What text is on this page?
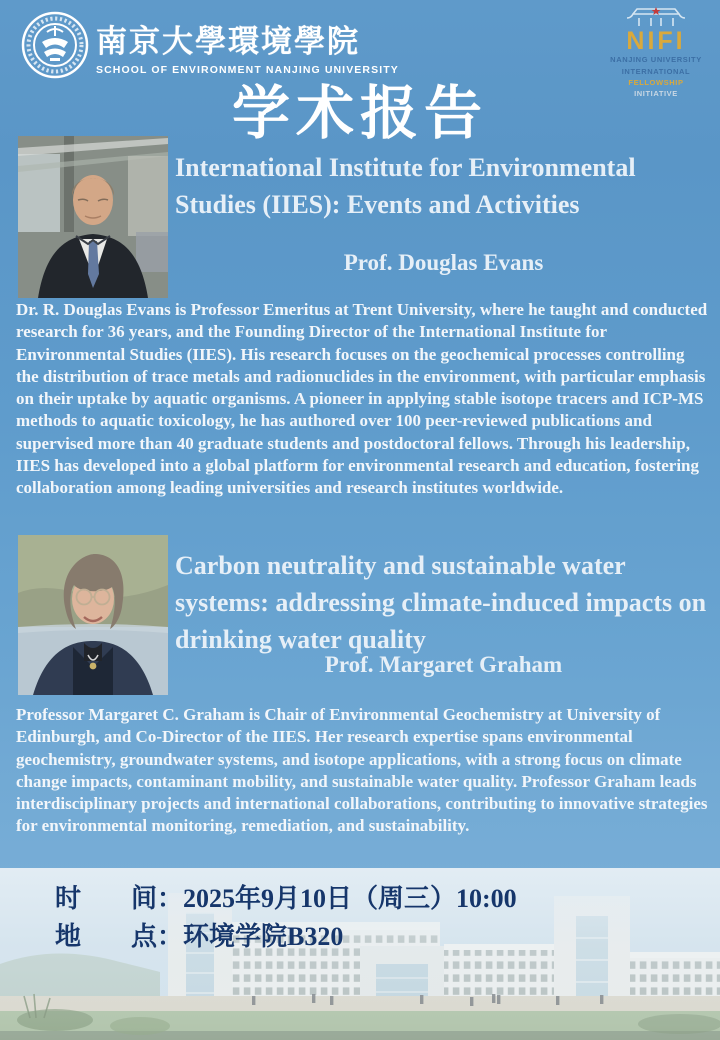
南京大學環境學院
SCHOOL OF ENVIRONMENT NANJING UNIVERSITY
NIFI
NANJING UNIVERSITY
INTERNATIONAL
FELLOWSHIP
INITIATIVE
学术报告
International Institute for Environmental Studies (IIES): Events and Activities
Prof. Douglas Evans
Dr. R. Douglas Evans is Professor Emeritus at Trent University, where he taught and conducted research for 36 years, and the Founding Director of the International Institute for Environmental Studies (IIES). His research focuses on the geochemical processes controlling the distribution of trace metals and radionuclides in the environment, with particular emphasis on their uptake by aquatic organisms. A pioneer in applying stable isotope tracers and ICP-MS methods to aquatic toxicology, he has authored over 100 peer-reviewed publications and supervised more than 40 graduate students and postdoctoral fellows. Through his leadership, IIES has developed into a global platform for environmental research and education, fostering collaboration among leading universities and research institutes worldwide.
Carbon neutrality and sustainable water systems: addressing climate-induced impacts on drinking water quality
Prof. Margaret Graham
Professor Margaret C. Graham is Chair of Environmental Geochemistry at University of Edinburgh, and Co-Director of the IIES. Her research expertise spans environmental geochemistry, groundwater systems, and isotope applications, with a strong focus on climate change impacts, contaminant mobility, and sustainable water quality. Professor Graham leads interdisciplinary projects and international collaborations, contributing to innovative strategies for environmental monitoring, remediation, and sustainability.
时 间： 2025年9月10日（周三）10:00
地 点： 环境学院B320
